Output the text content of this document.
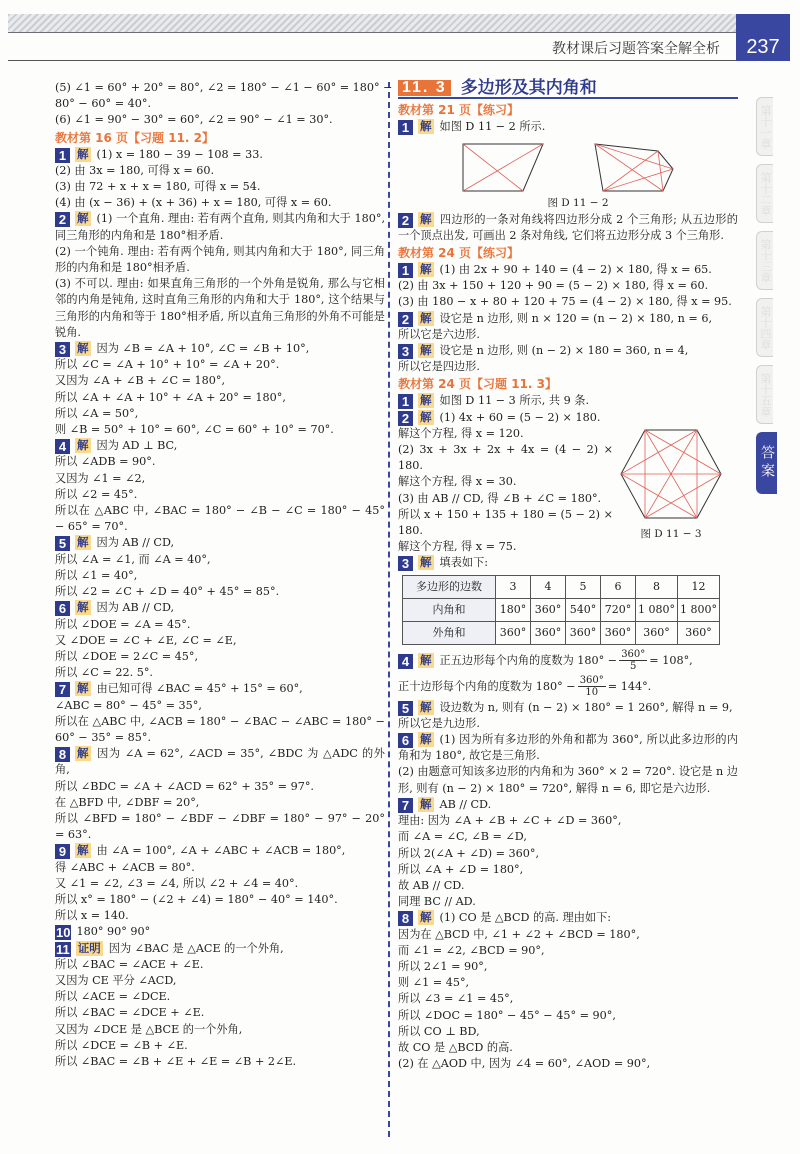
教材课后习题答案全解全析	237
第十一章
第十二章
第十三章
第十四章
第十五章
答案
(5) ∠1 = 60° + 20° = 80°, ∠2 = 180° − ∠1 − 60° = 180° −
80° − 60° = 40°.
(6) ∠1 = 90° − 30° = 60°, ∠2 = 90° − ∠1 = 30°.
教材第 16 页【习题 11. 2】
1 解 (1) x = 180 − 39 − 108 = 33.
(2) 由 3x = 180, 可得 x = 60.
(3) 由 72 + x + x = 180, 可得 x = 54.
(4) 由 (x − 36) + (x + 36) + x = 180, 可得 x = 60.
2 解 (1) 一个直角. 理由: 若有两个直角, 则其内角和大于 180°, 同三角形的内角和是 180°相矛盾.
(2) 一个钝角. 理由: 若有两个钝角, 则其内角和大于 180°, 同三角形的内角和是 180°相矛盾.
(3) 不可以. 理由: 如果直角三角形的一个外角是锐角, 那么与它相邻的内角是钝角, 这时直角三角形的内角和大于 180°, 这个结果与三角形的内角和等于 180°相矛盾, 所以直角三角形的外角不可能是锐角.
3 解 因为 ∠B = ∠A + 10°, ∠C = ∠B + 10°,
所以 ∠C = ∠A + 10° + 10° = ∠A + 20°.
又因为 ∠A + ∠B + ∠C = 180°,
所以 ∠A + ∠A + 10° + ∠A + 20° = 180°,
所以 ∠A = 50°,
则 ∠B = 50° + 10° = 60°, ∠C = 60° + 10° = 70°.
4 解 因为 AD ⊥ BC,
所以 ∠ADB = 90°.
又因为 ∠1 = ∠2,
所以 ∠2 = 45°.
所以在 △ABC 中, ∠BAC = 180° − ∠B − ∠C = 180° − 45° − 65° = 70°.
5 解 因为 AB // CD,
所以 ∠A = ∠1, 而 ∠A = 40°,
所以 ∠1 = 40°,
所以 ∠2 = ∠C + ∠D = 40° + 45° = 85°.
6 解 因为 AB // CD,
所以 ∠DOE = ∠A = 45°.
又 ∠DOE = ∠C + ∠E, ∠C = ∠E,
所以 ∠DOE = 2∠C = 45°,
所以 ∠C = 22. 5°.
7 解 由已知可得 ∠BAC = 45° + 15° = 60°,
∠ABC = 80° − 45° = 35°,
所以在 △ABC 中, ∠ACB = 180° − ∠BAC − ∠ABC = 180° − 60° − 35° = 85°.
8 解 因为 ∠A = 62°, ∠ACD = 35°, ∠BDC 为 △ADC 的外角,
所以 ∠BDC = ∠A + ∠ACD = 62° + 35° = 97°.
在 △BFD 中, ∠DBF = 20°,
所以 ∠BFD = 180° − ∠BDF − ∠DBF = 180° − 97° − 20° = 63°.
9 解 由 ∠A = 100°, ∠A + ∠ABC + ∠ACB = 180°,
得 ∠ABC + ∠ACB = 80°.
又 ∠1 = ∠2, ∠3 = ∠4, 所以 ∠2 + ∠4 = 40°.
所以 x° = 180° − (∠2 + ∠4) = 180° − 40° = 140°.
所以 x = 140.
10 180° 90° 90°
11 证明 因为 ∠BAC 是 △ACE 的一个外角,
所以 ∠BAC = ∠ACE + ∠E.
又因为 CE 平分 ∠ACD,
所以 ∠ACE = ∠DCE.
所以 ∠BAC = ∠DCE + ∠E.
又因为 ∠DCE 是 △BCE 的一个外角,
所以 ∠DCE = ∠B + ∠E.
所以 ∠BAC = ∠B + ∠E + ∠E = ∠B + 2∠E.
11. 3 多边形及其内角和
教材第 21 页【练习】
1 解 如图 D 11 − 2 所示.
图 D 11 − 2
2 解 四边形的一条对角线将四边形分成 2 个三角形; 从五边形的一个顶点出发, 可画出 2 条对角线, 它们将五边形分成 3 个三角形.
教材第 24 页【练习】
1 解 (1) 由 2x + 90 + 140 = (4 − 2) × 180, 得 x = 65.
(2) 由 3x + 150 + 120 + 90 = (5 − 2) × 180, 得 x = 60.
(3) 由 180 − x + 80 + 120 + 75 = (4 − 2) × 180, 得 x = 95.
2 解 设它是 n 边形, 则 n × 120 = (n − 2) × 180, n = 6,
所以它是六边形.
3 解 设它是 n 边形, 则 (n − 2) × 180 = 360, n = 4,
所以它是四边形.
教材第 24 页【习题 11. 3】
1 解 如图 D 11 − 3 所示, 共 9 条.
2 解 (1) 4x + 60 = (5 − 2) × 180.
解这个方程, 得 x = 120.
(2) 3x + 3x + 2x + 4x = (4 − 2) × 180.
解这个方程, 得 x = 30.
(3) 由 AB // CD, 得 ∠B + ∠C = 180°.
所以 x + 150 + 135 + 180 = (5 − 2) × 180.
解这个方程, 得 x = 75.
3 解 填表如下:
多边形的边数	3	4	5	6	8	12
内角和	180°	360°	540°	720°	1 080°	1 800°
外角和	360°	360°	360°	360°	360°	360°
4 解 正五边形每个内角的度数为 $180^\circ - \frac{360^\circ}{5} = 108^\circ$,
正十边形每个内角的度数为 $180^\circ - \frac{360^\circ}{10} = 144^\circ$.
5 解 设边数为 n, 则有 (n − 2) × 180° = 1 260°, 解得 n = 9,
所以它是九边形.
6 解 (1) 因为所有多边形的外角和都为 360°, 所以此多边形的内角和为 180°, 故它是三角形.
(2) 由题意可知该多边形的内角和为 360° × 2 = 720°. 设它是 n 边形, 则有 (n − 2) × 180° = 720°, 解得 n = 6, 即它是六边形.
7 解 AB // CD.
理由: 因为 ∠A + ∠B + ∠C + ∠D = 360°,
而 ∠A = ∠C, ∠B = ∠D,
所以 2(∠A + ∠D) = 360°,
所以 ∠A + ∠D = 180°,
故 AB // CD.
同理 BC // AD.
8 解 (1) CO 是 △BCD 的高. 理由如下:
因为在 △BCD 中, ∠1 + ∠2 + ∠BCD = 180°,
而 ∠1 = ∠2, ∠BCD = 90°,
所以 2∠1 = 90°,
则 ∠1 = 45°,
所以 ∠3 = ∠1 = 45°,
所以 ∠DOC = 180° − 45° − 45° = 90°,
所以 CO ⊥ BD,
故 CO 是 △BCD 的高.
(2) 在 △AOD 中, 因为 ∠4 = 60°, ∠AOD = 90°,
图 D 11 − 3
